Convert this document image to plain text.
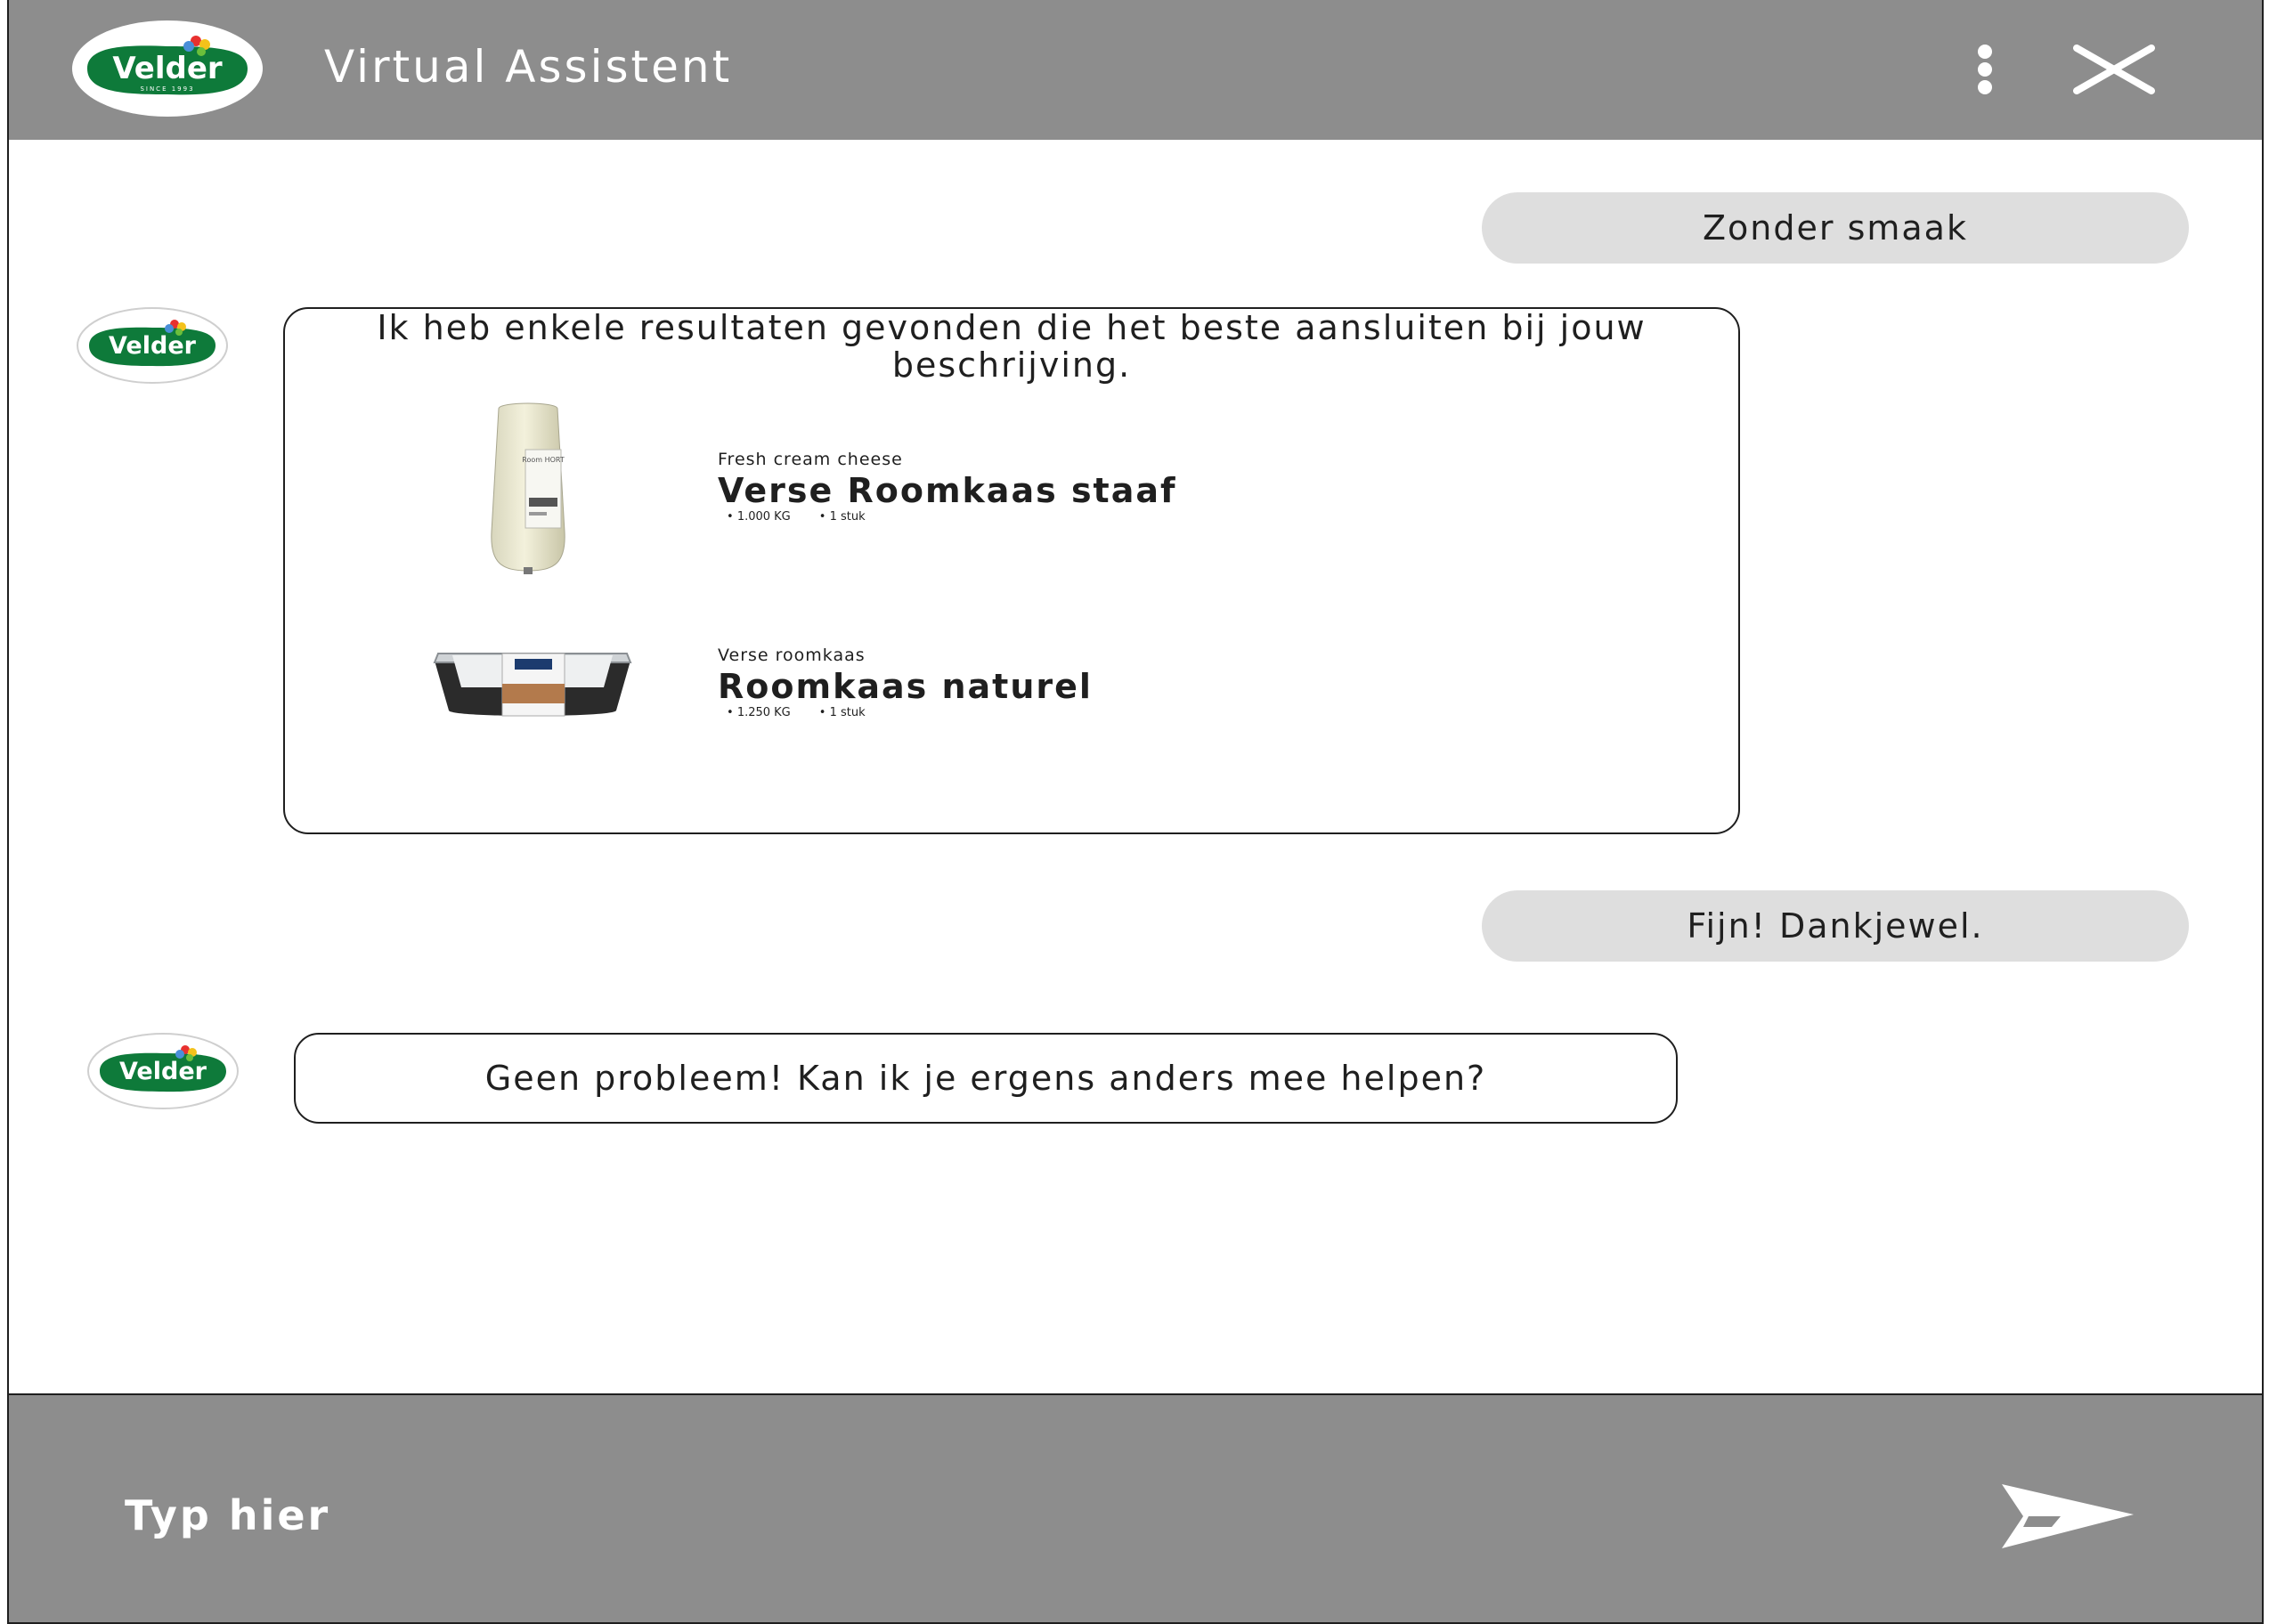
Velder
SINCE 1993	Virtual Assistent
Zonder smaak
Velder	Ik heb enkele resultaten gevonden die het beste aansluiten bij jouw beschrijving.
Room HORT	Fresh cream cheese
Verse Roomkaas staaf
• 1.000 KG • 1 stuk
Verse roomkaas
Roomkaas naturel
• 1.250 KG • 1 stuk
Fijn! Dankjewel.
Velder	Geen probleem! Kan ik je ergens anders mee helpen?
Typ hier
